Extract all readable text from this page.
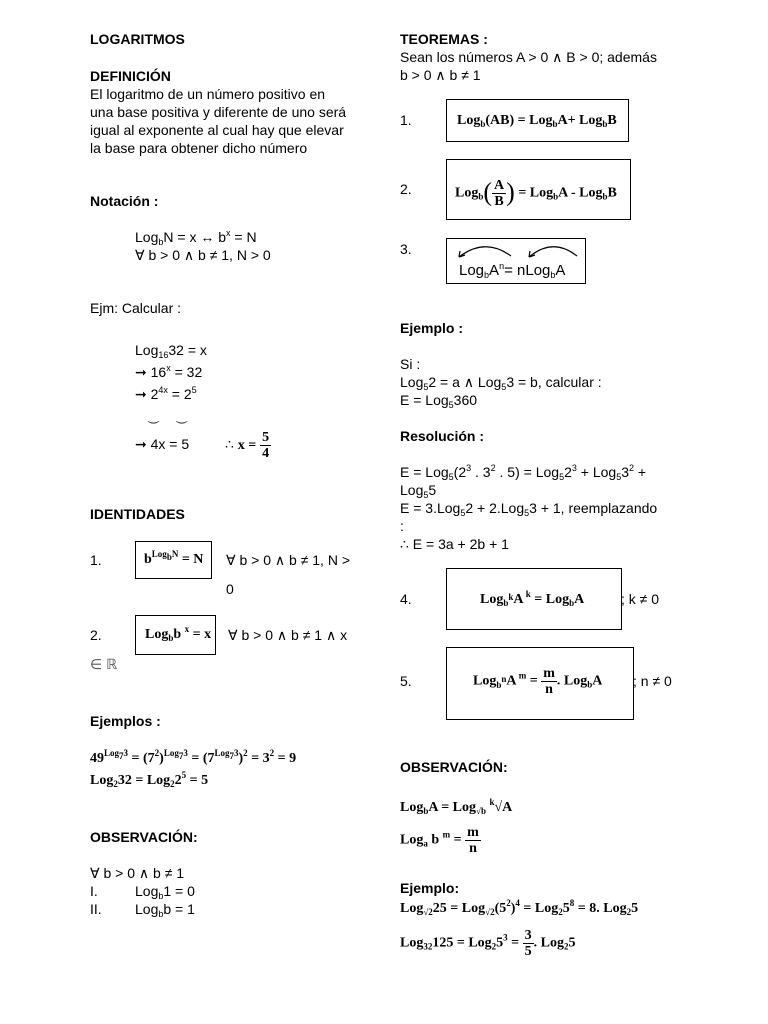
LOGARITMOS
DEFINICIÓN
El logaritmo de un número positivo en
una base positiva y diferente de uno será
igual al exponente al cual hay que elevar
la base para obtener dicho número
Notación :
Log$_b$N = x ↔ $b^x = N$
∀ b > 0 ∧ b ≠ 1, N > 0
Ejm: Calcular :
Log$_{16}$32 = x
➞ $16^x = 32$
➞ $2^{4x} = 2^5$
⏝     ⏝
➞ 4x = 5	∴ $x = \frac{5}{4}$
IDENTIDADES
1.	$b^{Log_bN} = N$ ∀ b > 0 ∧ b ≠ 1, N >
0
2.	Log$_b$b $^x$ = x ∀ b > 0 ∧ b ≠ 1 ∧ x
∈ ℝ
Ejemplos :
$49^{Log_73} = (7^2)^{Log_73} = (7^{Log_73})^2 = 3^2 = 9$
$Log_232 = Log_22^5 = 5$
OBSERVACIÓN:
∀ b > 0 ∧ b ≠ 1
I.	Log$_b$1 = 0
II. Log$_b$b = 1
TEOREMAS :
Sean los números A > 0 ∧ B > 0; además
b > 0 ∧ b ≠ 1
1.	Log$_b$(AB) = Log$_b$A+ Log$_b$B
2.	$Log_b( \frac{A}{B}$ ) = Log$_b$A - Log$_b$B
3.
$Log_bA^n=$ nLog$_b$A
Ejemplo :
Si :
Log$_5$2 = a ∧ Log$_5$3 = b, calcular :
E = Log$_5$360
Resolución :
$E = Log_5(2^3$ . $3^2$ . $5) = Log_52^3 + Log_53^2$ +
Log$_5$5
E = 3.Log$_5$2 + 2.Log$_5$3 + 1, reemplazando
:
∴ E = 3a + 2b + 1
4.	Log$_{b^k}$A $^k$ = Log$_b$A	; k ≠ 0
5.	Log$_{b^n}$A $^m = \frac{m}{n}$ . Log$_b$A ; n ≠ 0
OBSERVACIÓN:
Log$_b$A = Log$_{√b}$ $^k$√A
Log$_a$ b $^m = \frac{m}{n}$
Ejemplo:
$Log_{√2}25 = Log_{√2}(5^2)^4 = Log_25^8 = 8$. Log$_2$5
$Log_{32}125 = Log_25^3 = \frac{3}{5}$ . Log$_2$5
